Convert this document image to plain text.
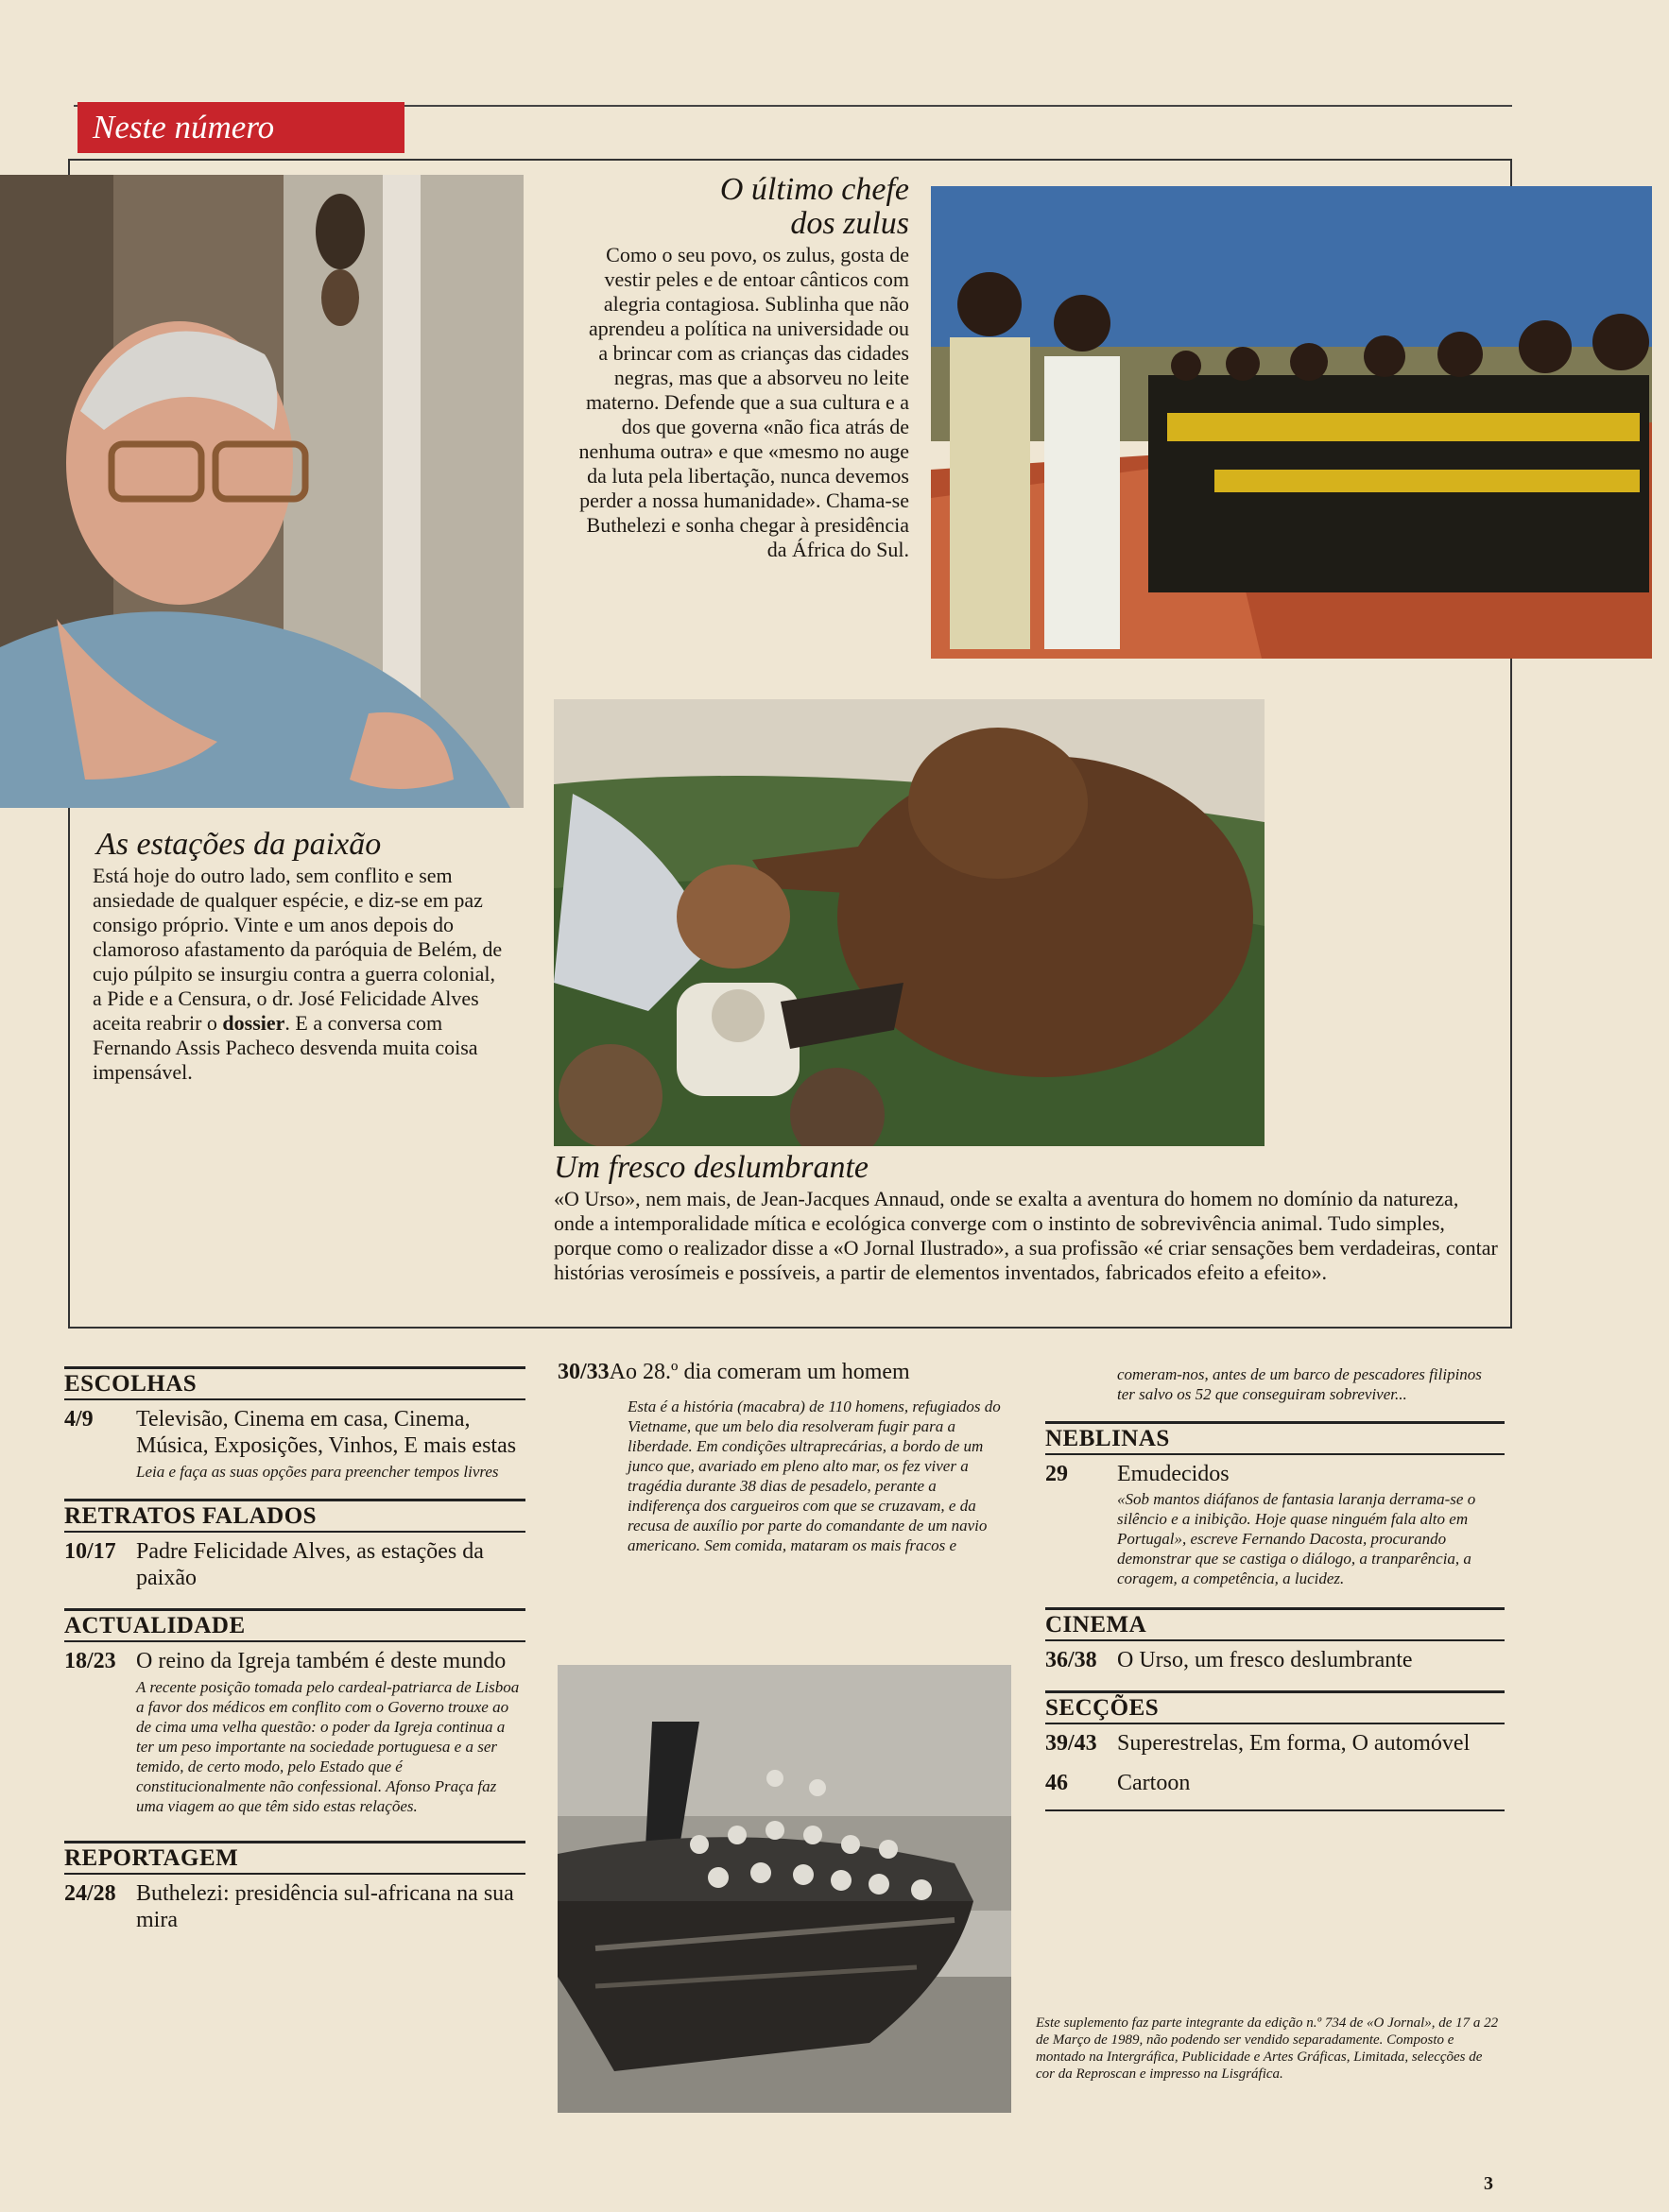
Neste número
O último chefe
dos zulus

Como o seu povo, os zulus, gosta de vestir peles e de entoar cânticos com alegria contagiosa. Sublinha que não aprendeu a política na universidade ou a brincar com as crianças das cidades negras, mas que a absorveu no leite materno. Defende que a sua cultura e a dos que governa «não fica atrás de nenhuma outra» e que «mesmo no auge da luta pela libertação, nunca devemos perder a nossa humanidade». Chama-se Buthelezi e sonha chegar à presidência da África do Sul.

As estações da paixão

Está hoje do outro lado, sem conflito e sem ansiedade de qualquer espécie, e diz-se em paz consigo próprio. Vinte e um anos depois do clamoroso afastamento da paróquia de Belém, de cujo púlpito se insurgiu contra a guerra colonial, a Pide e a Censura, o dr. José Felicidade Alves aceita reabrir o dossier. E a conversa com Fernando Assis Pacheco desvenda muita coisa impensável.

Um fresco deslumbrante

«O Urso», nem mais, de Jean-Jacques Annaud, onde se exalta a aventura do homem no domínio da natureza, onde a intemporalidade mítica e ecológica converge com o instinto de sobrevivência animal. Tudo simples, porque como o realizador disse a «O Jornal Ilustrado», a sua profissão «é criar sensações bem verdadeiras, contar histórias verosímeis e possíveis, a partir de elementos inventados, fabricados efeito a efeito».

ESCOLHAS
4/9	Televisão, Cinema em casa, Cinema, Música, Exposições, Vinhos, E mais estas
Leia e faça as suas opções para preencher tempos livres
RETRATOS FALADOS
10/17 Padre Felicidade Alves, as estações da paixão
ACTUALIDADE
18/23 O reino da Igreja também é deste mundo
A recente posição tomada pelo cardeal-patriarca de Lisboa a favor dos médicos em conflito com o Governo trouxe ao de cima uma velha questão: o poder da Igreja continua a ter um peso importante na sociedade portuguesa e a ser temido, de certo modo, pelo Estado que é constitucionalmente não confessional. Afonso Praça faz uma viagem ao que têm sido estas relações.
REPORTAGEM
24/28 Buthelezi: presidência sul-africana na sua mira
30/33 Ao 28.º dia comeram um homem
Esta é a história (macabra) de 110 homens, refugiados do Vietname, que um belo dia resolveram fugir para a liberdade. Em condições ultraprecárias, a bordo de um junco que, avariado em pleno alto mar, os fez viver a tragédia durante 38 dias de pesadelo, perante a indiferença dos cargueiros com que se cruzavam, e da recusa de auxílio por parte do comandante de um navio americano. Sem comida, mataram os mais fracos e
comeram-nos, antes de um barco de pescadores filipinos ter salvo os 52 que conseguiram sobreviver...
NEBLINAS
29	Emudecidos
«Sob mantos diáfanos de fantasia laranja derrama-se o silêncio e a inibição. Hoje quase ninguém fala alto em Portugal», escreve Fernando Dacosta, procurando demonstrar que se castiga o diálogo, a tranparência, a coragem, a competência, a lucidez.
CINEMA
36/38 O Urso, um fresco deslumbrante
SECÇÕES
39/43 Superestrelas, Em forma, O automóvel
46	Cartoon
Este suplemento faz parte integrante da edição n.º 734 de «O Jornal», de 17 a 22 de Março de 1989, não podendo ser vendido separadamente. Composto e montado na Intergráfica, Publicidade e Artes Gráficas, Limitada, selecções de cor da Reproscan e impresso na Lisgráfica.
3
